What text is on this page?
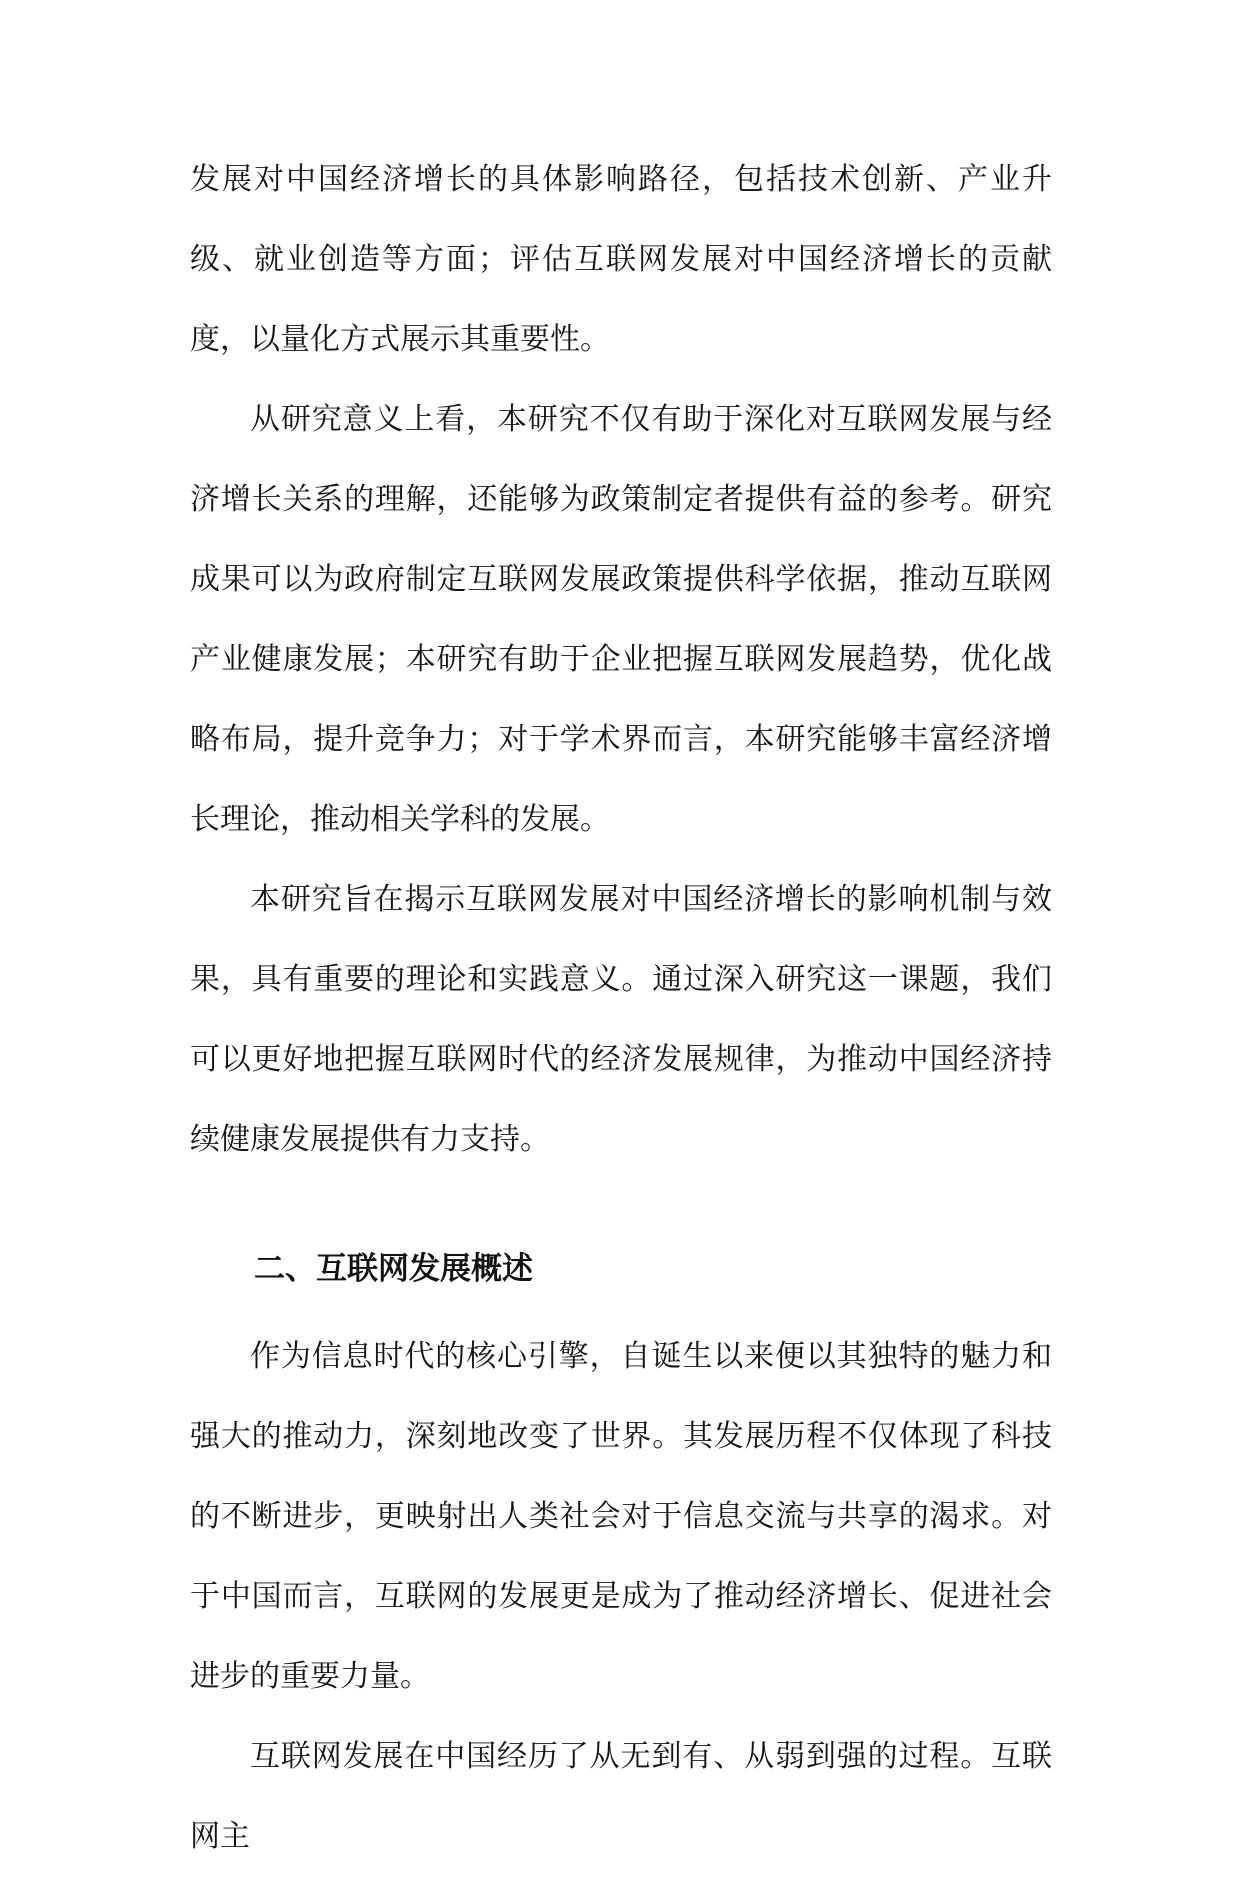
发展对中国经济增长的具体影响路径，包括技术创新、产业升级、就业创造等方面；评估互联网发展对中国经济增长的贡献度，以量化方式展示其重要性。

从研究意义上看，本研究不仅有助于深化对互联网发展与经济增长关系的理解，还能够为政策制定者提供有益的参考。研究成果可以为政府制定互联网发展政策提供科学依据，推动互联网产业健康发展；本研究有助于企业把握互联网发展趋势，优化战略布局，提升竞争力；对于学术界而言，本研究能够丰富经济增长理论，推动相关学科的发展。

本研究旨在揭示互联网发展对中国经济增长的影响机制与效果，具有重要的理论和实践意义。通过深入研究这一课题，我们可以更好地把握互联网时代的经济发展规律，为推动中国经济持续健康发展提供有力支持。

二、互联网发展概述

作为信息时代的核心引擎，自诞生以来便以其独特的魅力和强大的推动力，深刻地改变了世界。其发展历程不仅体现了科技的不断进步，更映射出人类社会对于信息交流与共享的渴求。对于中国而言，互联网的发展更是成为了推动经济增长、促进社会进步的重要力量。

互联网发展在中国经历了从无到有、从弱到强的过程。互联网主
